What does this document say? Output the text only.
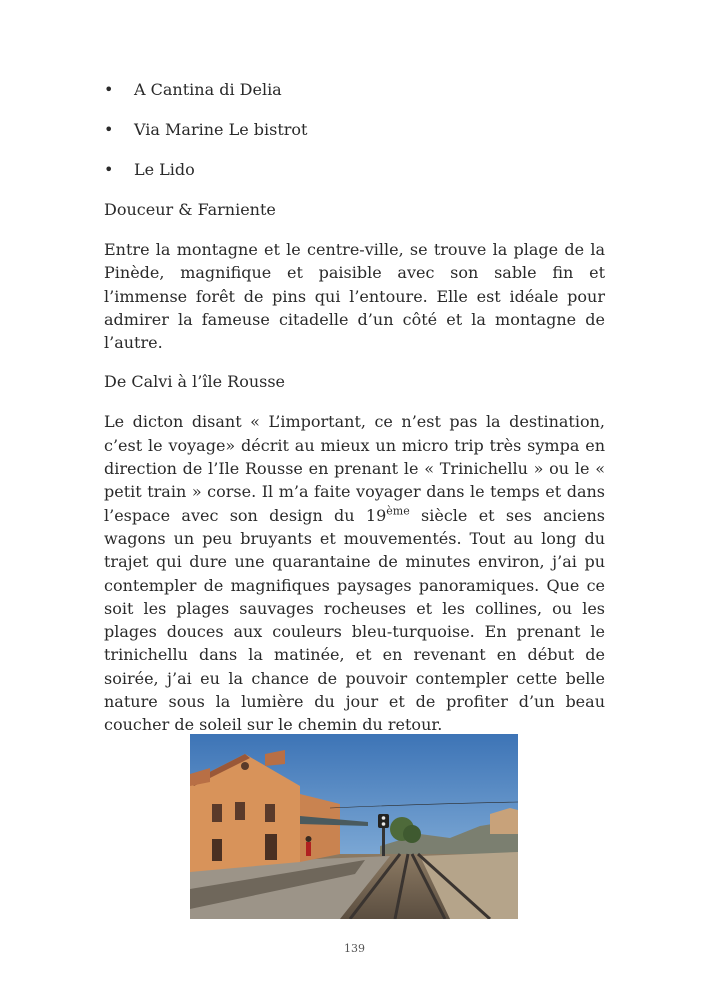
• A Cantina di Delia
• Via Marine Le bistrot
• Le Lido

Douceur & Farniente

Entre la montagne et le centre-ville, se trouve la plage de la Pinède, magnifique et paisible avec son sable fin et l’immense forêt de pins qui l’entoure. Elle est idéale pour admirer la fameuse citadelle d’un côté et la montagne de l’autre.

De Calvi à l’île Rousse

Le dicton disant « L’important, ce n’est pas la destination, c’est le voyage» décrit au mieux un micro trip très sympa en direction de l’Ile Rousse en prenant le « Trinichellu » ou le « petit train » corse. Il m’a faite voyager dans le temps et dans l’espace avec son design du 19ème siècle et ses anciens wagons un peu bruyants et mouvementés. Tout au long du trajet qui dure une quarantaine de minutes environ, j’ai pu contempler de magnifiques paysages panoramiques. Que ce soit les plages sauvages rocheuses et les collines, ou les plages douces aux couleurs bleu-turquoise. En prenant le trinichellu dans la matinée, et en revenant en début de soirée, j’ai eu la chance de pouvoir contempler cette belle nature sous la lumière du jour et de profiter d’un beau coucher de soleil sur le chemin du retour.

139
